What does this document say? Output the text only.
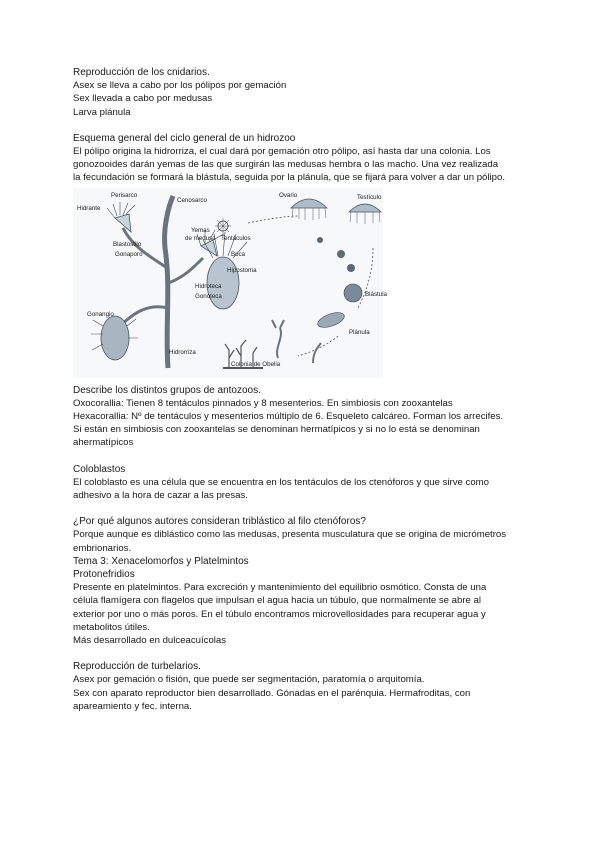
Reproducción de los cnidarios.
Asex se lleva a cabo por los pólipos por gemación
Sex llevada a cabo por medusas
Larva plánula
Esquema general del ciclo general de un hidrozoo
El pólipo origina la hidrorriza, el cual dará por gemación otro pólipo, así hasta dar una colonia. Los
gonozooides darán yemas de las que surgirán las medusas hembra o las macho. Una vez realizada
la fecundación se formará la blástula, seguida por la plánula, que se fijará para volver a dar un pólipo.
Hidrante
Perisarco
Cenosarco
Yemas
de medusa Tentáculos
Boca
Hipostoma
Blastostilo
Gonaporo
Hidroteca
Gonoteca
Gonangio
Hidrorriza
Colonia de Obelia
Ovario	Testículo
Blástula
Plánula
Describe los distintos grupos de antozoos.
Oxocorallia: Tienen 8 tentáculos pinnados y 8 mesenterios. En simbiosis con zooxantelas
Hexacorallia: Nº de tentáculos y mesenterios múltiplo de 6. Esqueleto calcáreo. Forman los arrecifes.
Si están en simbiosis con zooxantelas se denominan hermatípicos y si no lo está se denominan
ahermatípicos
Coloblastos
El coloblasto es una célula que se encuentra en los tentáculos de los ctenóforos y que sirve como
adhesivo a la hora de cazar a las presas.
¿Por qué algunos autores consideran triblástico al filo ctenóforos?
Porque aunque es diblástico como las medusas, presenta musculatura que se origina de micrómetros
embrionarios.
Tema 3: Xenacelomorfos y Platelmintos
Protonefridios
Presente en platelmintos. Para excreción y mantenimiento del equilibrio osmótico. Consta de una
célula flamígera con flagelos que impulsan el agua hacia un túbulo, que normalmente se abre al
exterior por uno o más poros. En el túbulo encontramos microvellosidades para recuperar agua y
metabolitos útiles.
Más desarrollado en dulceacuícolas
Reproducción de turbelarios.
Asex por gemación o fisión, que puede ser segmentación, paratomía o arquitomía.
Sex con aparato reproductor bien desarrollado. Gónadas en el parénquia. Hermafroditas, con
apareamiento y fec. interna.
